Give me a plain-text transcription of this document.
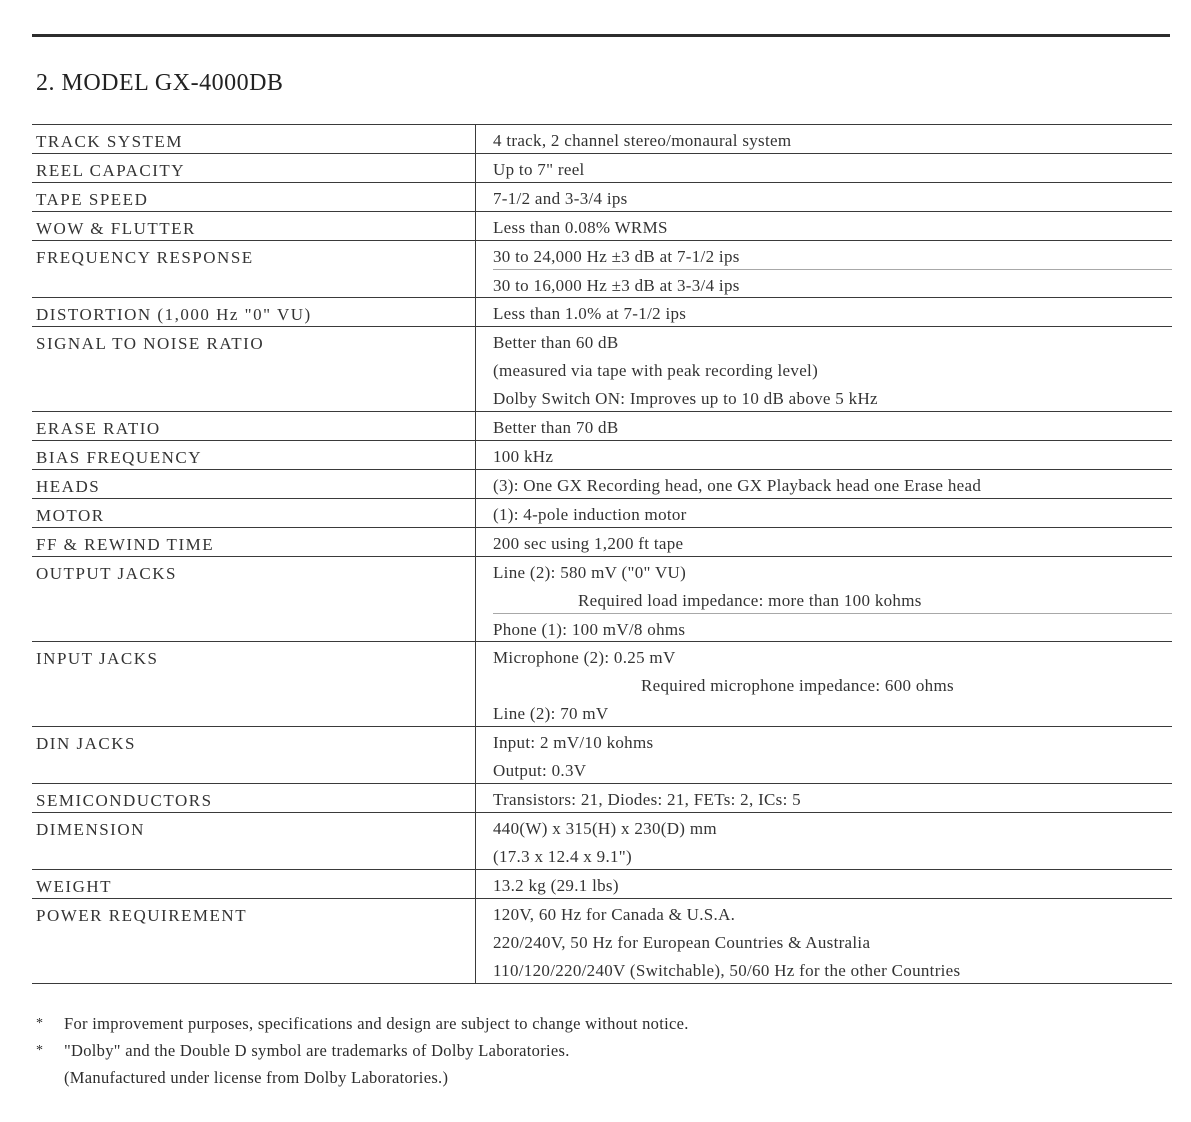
2. MODEL GX-4000DB
TRACK SYSTEM	4 track, 2 channel stereo/monaural system

REEL CAPACITY	Up to 7" reel

TAPE SPEED	7-1/2 and 3-3/4 ips

WOW & FLUTTER	Less than 0.08% WRMS

FREQUENCY RESPONSE	30 to 24,000 Hz ±3 dB at 7-1/2 ips
30 to 16,000 Hz ±3 dB at 3-3/4 ips

DISTORTION (1,000 Hz "0" VU)	Less than 1.0% at 7-1/2 ips

SIGNAL TO NOISE RATIO	Better than 60 dB
(measured via tape with peak recording level)
Dolby Switch ON: Improves up to 10 dB above 5 kHz

ERASE RATIO	Better than 70 dB

BIAS FREQUENCY	100 kHz

HEADS	(3): One GX Recording head, one GX Playback head one Erase head

MOTOR	(1): 4-pole induction motor

FF & REWIND TIME	200 sec using 1,200 ft tape

OUTPUT JACKS	Line (2): 580 mV ("0" VU)
Required load impedance: more than 100 kohms
Phone (1): 100 mV/8 ohms

INPUT JACKS	Microphone (2): 0.25 mV
Required microphone impedance: 600 ohms
Line (2): 70 mV

DIN JACKS	Input: 2 mV/10 kohms
Output: 0.3V

SEMICONDUCTORS	Transistors: 21, Diodes: 21, FETs: 2, ICs: 5

DIMENSION	440(W) x 315(H) x 230(D) mm
(17.3 x 12.4 x 9.1")

WEIGHT	13.2 kg (29.1 lbs)

POWER REQUIREMENT	120V, 60 Hz for Canada & U.S.A.
220/240V, 50 Hz for European Countries & Australia
110/120/220/240V (Switchable), 50/60 Hz for the other Countries
*	For improvement purposes, specifications and design are subject to change without notice.
*	"Dolby" and the Double D symbol are trademarks of Dolby Laboratories.
(Manufactured under license from Dolby Laboratories.)
